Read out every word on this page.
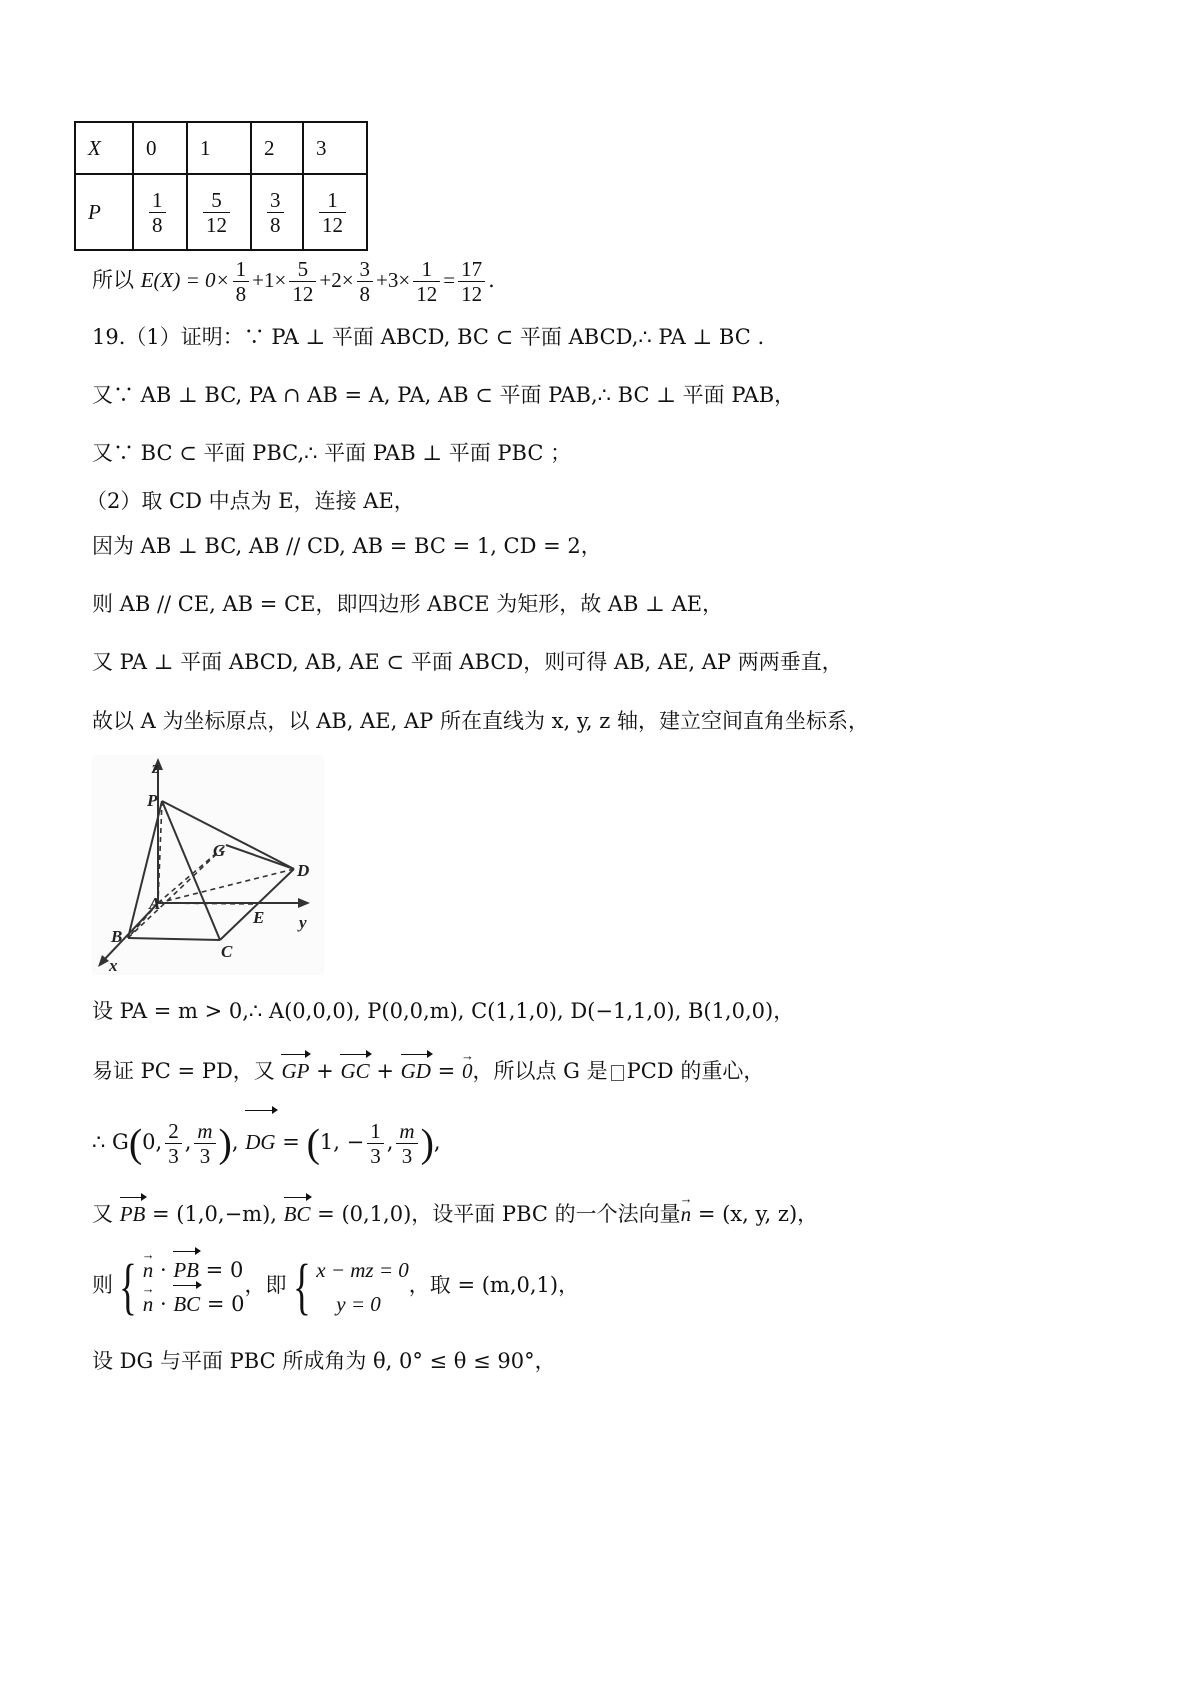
X	0	1	2	3
P	$\frac{1}{8}$	$\frac{5}{12}$	$\frac{3}{8}$	$\frac{1}{12}$
所以 $E(X) = 0\times \frac{1}{8} +1\times \frac{5}{12} +2\times \frac{3}{8} +3\times \frac{1}{12} = \frac{17}{12}$ .
19.（1）证明：∵ PA ⊥ 平面 ABCD, BC ⊂ 平面 ABCD,∴ PA ⊥ BC .
又∵ AB ⊥ BC, PA ∩ AB = A, PA, AB ⊂ 平面 PAB,∴ BC ⊥ 平面 PAB，
又∵ BC ⊂ 平面 PBC,∴ 平面 PAB ⊥ 平面 PBC ；
（2）取 CD 中点为 E，连接 AE，
因为 AB ⊥ BC, AB // CD, AB = BC = 1, CD = 2，
则 AB // CE, AB = CE，即四边形 ABCE 为矩形，故 AB ⊥ AE，
又 PA ⊥ 平面 ABCD, AB, AE ⊂ 平面 ABCD，则可得 AB, AE, AP 两两垂直，
故以 A 为坐标原点，以 AB, AE, AP 所在直线为 x, y, z 轴，建立空间直角坐标系，
z
y
x
P
G
D
A
E
B
C
设 PA = m > 0,∴ A(0,0,0), P(0,0,m), C(1,1,0), D(−1,1,0), B(1,0,0)，
易证 PC = PD，又 GP + GC + GD = → 0，所以点 G 是 PCD 的重心，
∴ G(0, $\frac{2}{3}$ , $\frac{m}{3}$ ), DG = (1, − $\frac{1}{3}$ , $\frac{m}{3}$ ),
又 PB = (1,0,−m), BC = (0,1,0)，设平面 PBC 的一个法向量→ n = (x, y, z)，
则{ → n · PB = 0
→ n · BC = 0
，即{ x − mz = 0
y = 0
，取 = (m,0,1)，
设 DG 与平面 PBC 所成角为 θ, 0° ≤ θ ≤ 90°，
